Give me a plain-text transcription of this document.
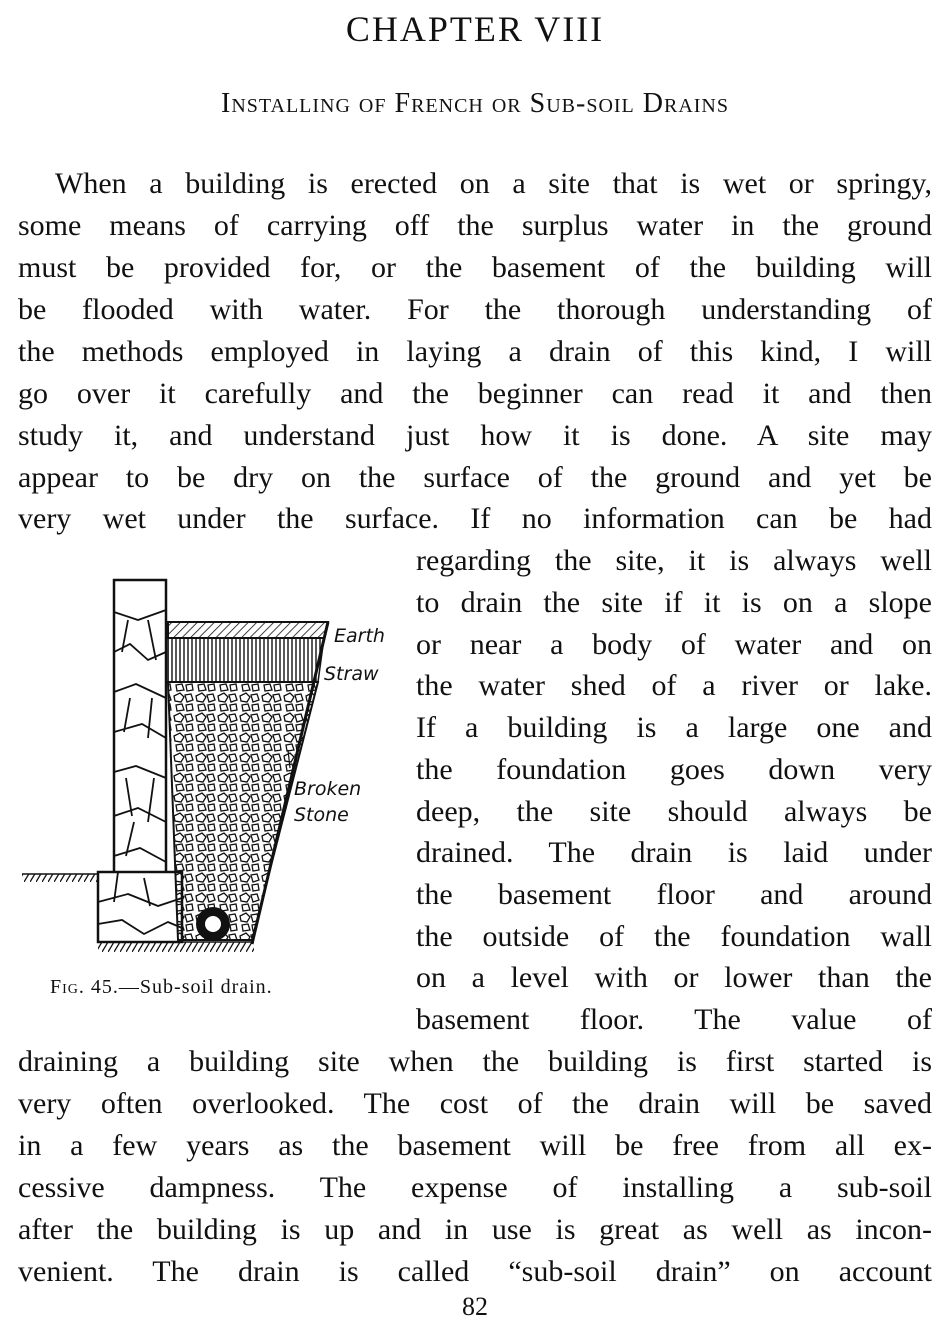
CHAPTER VIII
Installing of French or Sub-soil Drains
When a building is erected on a site that is wet or springy,
some means of carrying off the surplus water in the ground
must be provided for, or the basement of the building will
be flooded with water. For the thorough understanding of
the methods employed in laying a drain of this kind, I will
go over it carefully and the beginner can read it and then
study it, and understand just how it is done. A site may
appear to be dry on the surface of the ground and yet be
very wet under the surface. If no information can be had
regarding the site, it is always well
to drain the site if it is on a slope
or near a body of water and on
the water shed of a river or lake.
If a building is a large one and
the foundation goes down very
deep, the site should always be
drained. The drain is laid under
the basement floor and around
the outside of the foundation wall
on a level with or lower than the
basement floor. The value of
draining a building site when the building is first started is
very often overlooked. The cost of the drain will be saved
in a few years as the basement will be free from all ex-
cessive dampness. The expense of installing a sub-soil
after the building is up and in use is great as well as incon-
venient. The drain is called “sub-soil drain” on account
Earth
Straw
Broken
Stone
Fig. 45.—Sub-soil drain.
82
